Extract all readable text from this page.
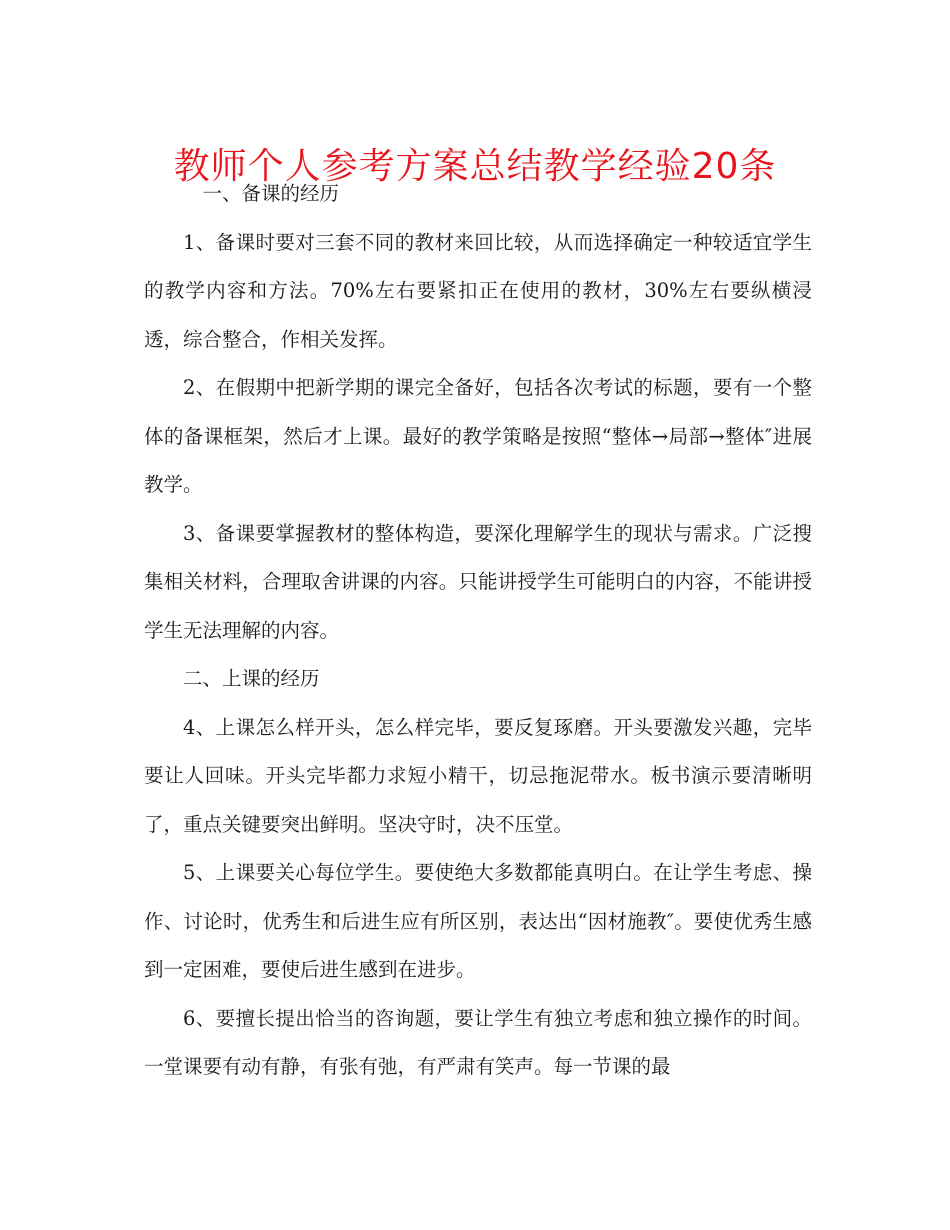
教师个人参考方案总结教学经验20条

一、备课的经历

1、备课时要对三套不同的教材来回比较，从而选择确定一种较适宜学生的教学内容和方法。70%左右要紧扣正在使用的教材，30%左右要纵横浸透，综合整合，作相关发挥。

2、在假期中把新学期的课完全备好，包括各次考试的标题，要有一个整体的备课框架，然后才上课。最好的教学策略是按照“整体→局部→整体″进展教学。

3、备课要掌握教材的整体构造，要深化理解学生的现状与需求。广泛搜集相关材料，合理取舍讲课的内容。只能讲授学生可能明白的内容，不能讲授学生无法理解的内容。

二、上课的经历

4、上课怎么样开头，怎么样完毕，要反复琢磨。开头要激发兴趣，完毕要让人回味。开头完毕都力求短小精干，切忌拖泥带水。板书演示要清晰明了，重点关键要突出鲜明。坚决守时，决不压堂。

5、上课要关心每位学生。要使绝大多数都能真明白。在让学生考虑、操作、讨论时，优秀生和后进生应有所区别，表达出“因材施教″。要使优秀生感到一定困难，要使后进生感到在进步。

6、要擅长提出恰当的咨询题，要让学生有独立考虑和独立操作的时间。一堂课要有动有静，有张有弛，有严肃有笑声。每一节课的最
